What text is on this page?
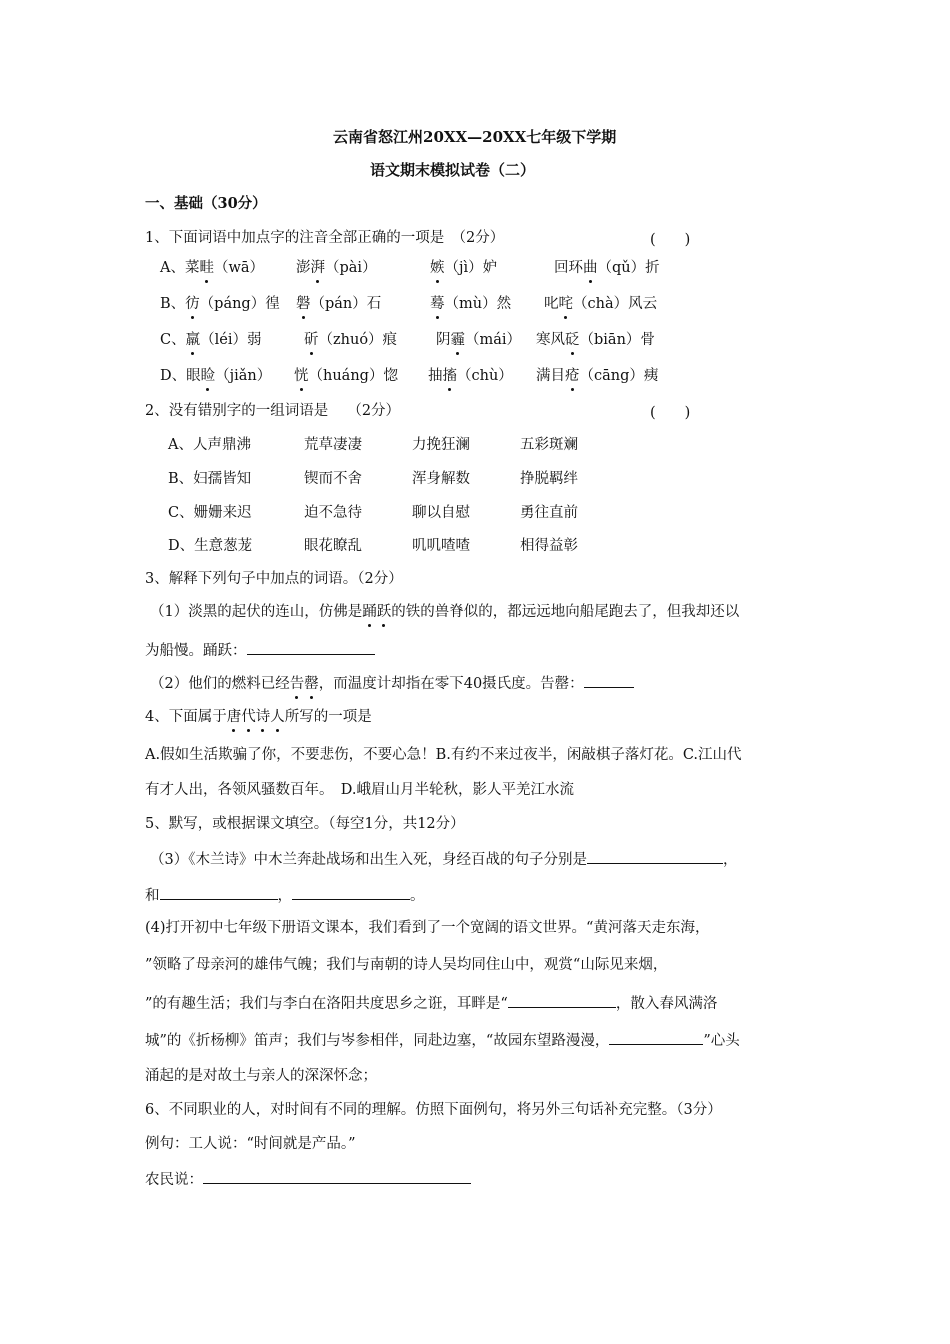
云南省怒江州20XX—20XX七年级下学期
语文期末模拟试卷（二）
一、基础（30分）
1、下面词语中加点字的注音全部正确的一项是　（2分）	(　　)
A、菜畦（wā） 澎湃（pài）	嫉（jì）妒	回环曲（qǔ）折
B、彷（páng）徨 磐（pán）石	蓦（mù）然 叱咤（chà）风云
C、羸（léi）弱	斫（zhuó）痕	阴霾（mái） 寒风砭（biān）骨
D、眼睑（jiǎn） 恍（huáng）惚 抽搐（chù） 满目疮（cāng）痍
2、没有错别字的一组词语是　 （2分）	(　　)
A、人声鼎沸	荒草凄凄	力挽狂澜	五彩斑斓
B、妇孺皆知	锲而不舍	浑身解数	挣脱羁绊
C、姗姗来迟	迫不急待	聊以自慰	勇往直前
D、生意葱茏	眼花瞭乱	叽叽喳喳	相得益彰
3、解释下列句子中加点的词语。（2分）
（1）淡黑的起伏的连山，仿佛是踊跃的铁的兽脊似的，都远远地向船尾跑去了，但我却还以
为船慢。踊跃：
（2）他们的燃料已经告罄，而温度计却指在零下40摄氏度。告罄：
4、下面属于唐代诗人所写的一项是
A.假如生活欺骗了你，不要悲伤，不要心急！B.有约不来过夜半，闲敲棋子落灯花。C.江山代
有才人出，各领风骚数百年。　D.峨眉山月半轮秋，影人平羌江水流
5、默写，或根据课文填空。（每空1分，共12分）
（3）《木兰诗》中木兰奔赴战场和出生入死，身经百战的句子分别是	，
和	，	。
(4)打开初中七年级下册语文课本，我们看到了一个宽阔的语文世界。“黄河落天走东海，
”领略了母亲河的雄伟气魄；我们与南朝的诗人吴均同住山中，观赏“山际见来烟，
”的有趣生活；我们与李白在洛阳共度思乡之诳，耳畔是“	，散入春风满洛
城”的《折杨柳》笛声；我们与岑参相伴，同赴边塞，“故园东望路漫漫，	”心头
涌起的是对故土与亲人的深深怀念；
6、不同职业的人，对时间有不同的理解。仿照下面例句，将另外三句话补充完整。（3分）
例句：工人说：“时间就是产品。”
农民说：
